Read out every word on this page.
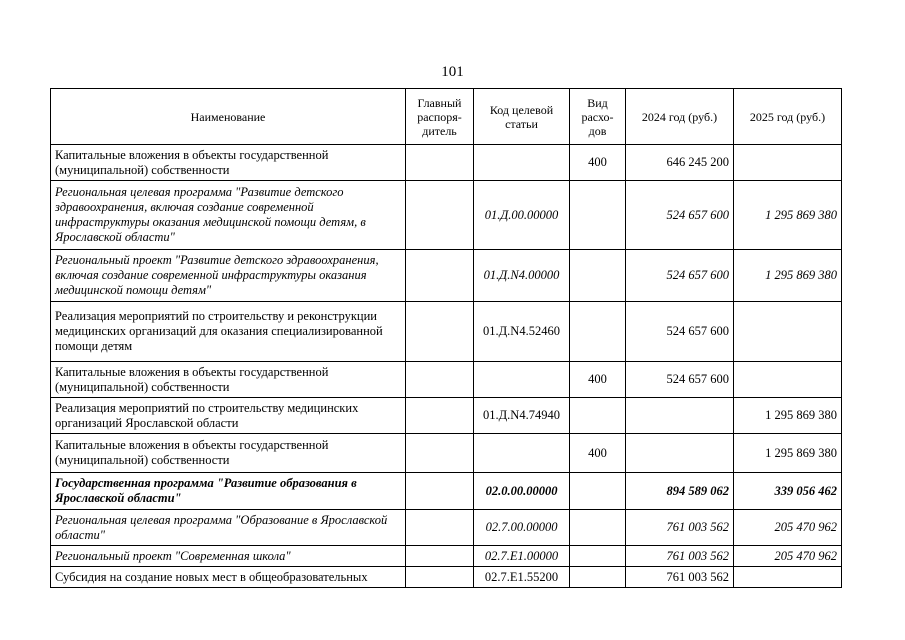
101
Наименование	Главный распоря-дитель	Код целевой статьи	Вид расхо-дов	2024 год (руб.)	2025 год (руб.)
Капитальные вложения в объекты государственной (муниципальной) собственности			400	646 245 200	
Региональная целевая программа "Развитие детского здравоохранения, включая создание современной инфраструктуры оказания медицинской помощи детям, в Ярославской области"		01.Д.00.00000		524 657 600	1 295 869 380
Региональный проект "Развитие детского здравоохранения, включая создание современной инфраструктуры оказания медицинской помощи детям"		01.Д.N4.00000		524 657 600	1 295 869 380
Реализация мероприятий по строительству и реконструкции медицинских организаций для оказания специализированной помощи детям		01.Д.N4.52460		524 657 600	
Капитальные вложения в объекты государственной (муниципальной) собственности			400	524 657 600	
Реализация мероприятий по строительству медицинских организаций Ярославской области		01.Д.N4.74940			1 295 869 380
Капитальные вложения в объекты государственной (муниципальной) собственности			400		1 295 869 380
Государственная программа "Развитие образования в Ярославской области"		02.0.00.00000		894 589 062	339 056 462
Региональная целевая программа "Образование в Ярославской области"		02.7.00.00000		761 003 562	205 470 962
Региональный проект "Современная школа"		02.7.E1.00000		761 003 562	205 470 962
Субсидия на создание новых мест в общеобразовательных		02.7.E1.55200		761 003 562	
